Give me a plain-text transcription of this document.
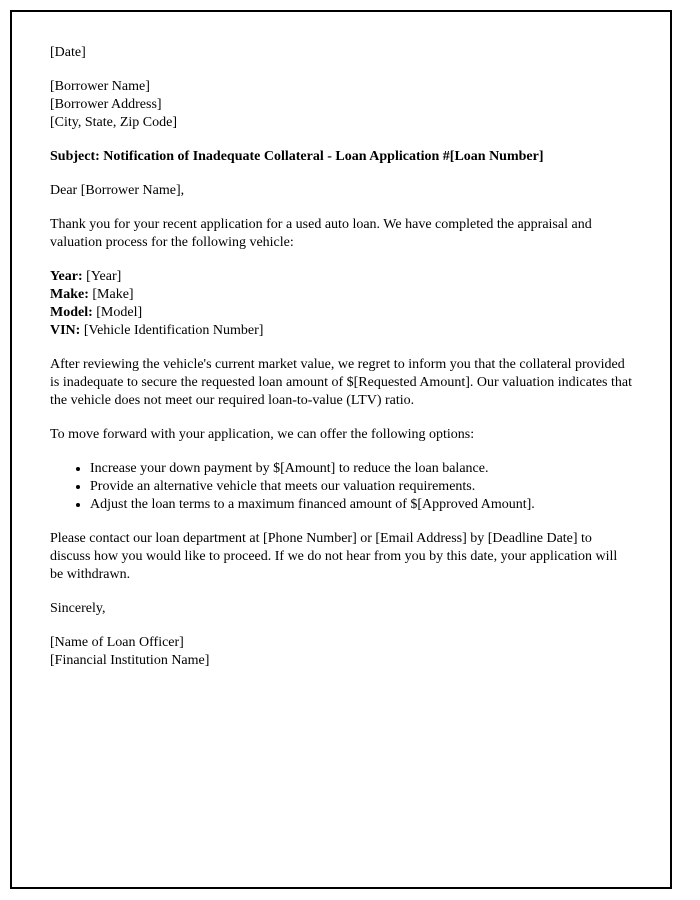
[Date]

[Borrower Name]
[Borrower Address]
[City, State, Zip Code]

Subject: Notification of Inadequate Collateral - Loan Application #[Loan Number]

Dear [Borrower Name],

Thank you for your recent application for a used auto loan. We have completed the appraisal and valuation process for the following vehicle:

Year: [Year]
Make: [Make]
Model: [Model]
VIN: [Vehicle Identification Number]

After reviewing the vehicle's current market value, we regret to inform you that the collateral provided is inadequate to secure the requested loan amount of $[Requested Amount]. Our valuation indicates that the vehicle does not meet our required loan-to-value (LTV) ratio.

To move forward with your application, we can offer the following options:

• Increase your down payment by $[Amount] to reduce the loan balance.
• Provide an alternative vehicle that meets our valuation requirements.
• Adjust the loan terms to a maximum financed amount of $[Approved Amount].

Please contact our loan department at [Phone Number] or [Email Address] by [Deadline Date] to discuss how you would like to proceed. If we do not hear from you by this date, your application will be withdrawn.

Sincerely,

[Name of Loan Officer]
[Financial Institution Name]
